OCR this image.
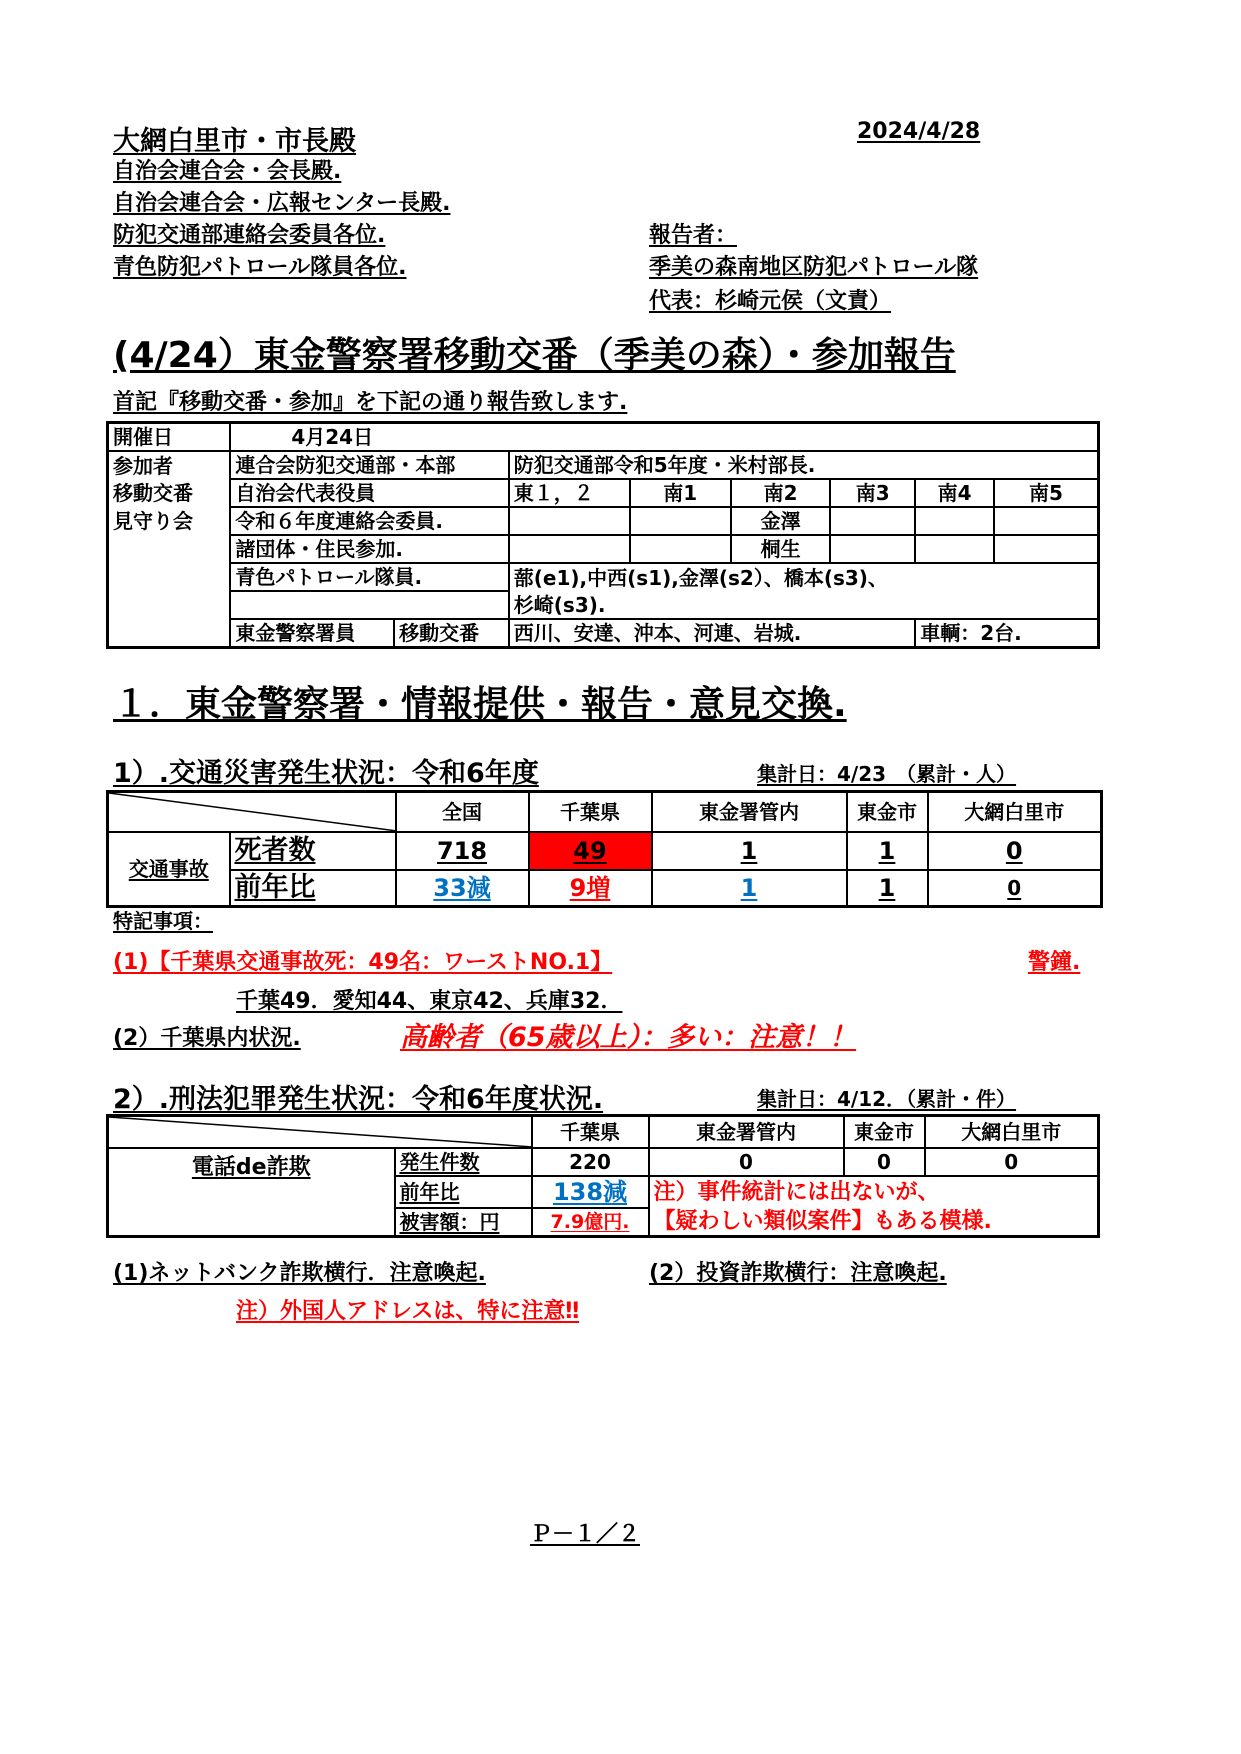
大網白里市・市長殿
自治会連合会・会長殿.
自治会連合会・広報センター長殿.
防犯交通部連絡会委員各位.
青色防犯パトロール隊員各位.
2024/4/28
報告者：
季美の森南地区防犯パトロール隊
代表：杉崎元侯（文責）
(4/24）東金警察署移動交番（季美の森）・参加報告
首記『移動交番・参加』を下記の通り報告致します.
開催日	4月24日							
参加者	連合会防犯交通部・本部		防犯交通部令和5年度・米村部長.					
移動交番	自治会代表役員		東１，２	南1	南2	南3	南4	南5
見守り会	令和６年度連絡会委員.				金澤			
	諸団体・住民参加.				桐生			
	青色パトロール隊員.		蔀(e1),中西(s1),金澤(s2）、橋本(s3)、					
			杉崎(s3).					
	東金警察署員	移動交番	西川、安達、沖本、河連、岩城.				車輌：2台.	
１．東金警察署・情報提供・報告・意見交換.
1）.交通災害発生状況：令和6年度	集計日：4/23　（累計・人）
	全国	千葉県	東金署管内	東金市	大網白里市
交通事故	死者数	718	49	1	1	0
	前年比	33減	9増	1	1	0
特記事項：
(1)【千葉県交通事故死：49名：ワーストNO.1】	警鐘.
千葉49．愛知44、東京42、兵庫32．
(2）千葉県内状況.	高齢者（65歳以上）：多い：注意！！
2）.刑法犯罪発生状況：令和6年度状況.	集計日：4/12．（累計・件）
	千葉県	東金署管内	東金市	大網白里市
電話de詐欺	発生件数	220	0	0	0
	前年比	138減	注）事件統計には出ないが、		
	被害額：円	7.9億円.	【疑わしい類似案件】もある模様.		
(1)ネットバンク詐欺横行．注意喚起.	(2）投資詐欺横行：注意喚起.
注）外国人アドレスは、特に注意‼
Ｐ－１／２
